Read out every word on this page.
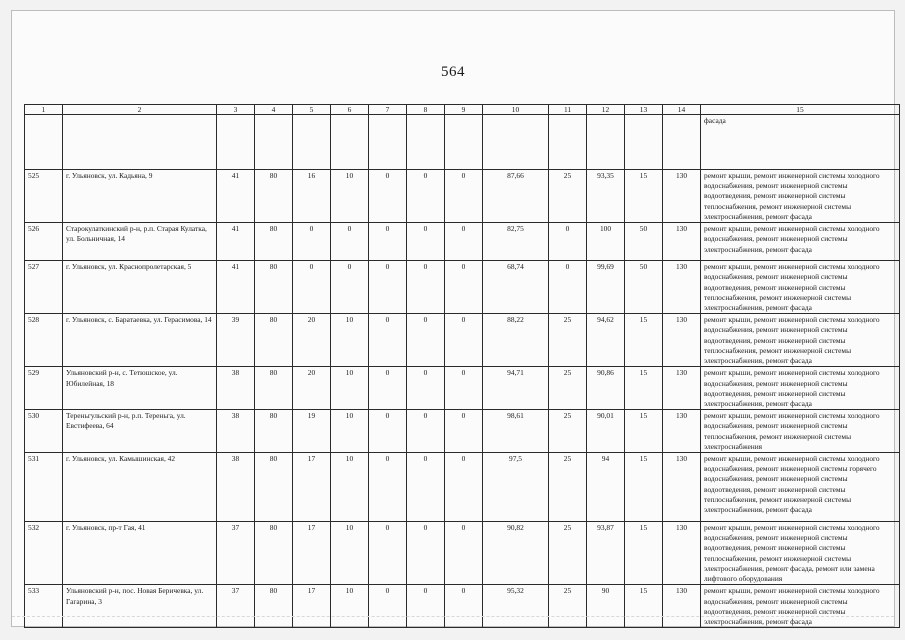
564
1	2	3	4	5	6	7	8	9	10	11	12	13	14	15
														фасада
525	г. Ульяновск, ул. Кадьяна, 9	41	80	16	10	0	0	0	87,66	25	93,35	15	130	ремонт крыши, ремонт инженерной системы холодного водоснабжения, ремонт инженерной системы водоотведения, ремонт инженерной системы теплоснабжения, ремонт инженерной системы электроснабжения, ремонт фасада
526	Старокулаткинский р-н, р.п. Старая Кулатка, ул. Больничная, 14	41	80	0	0	0	0	0	82,75	0	100	50	130	ремонт крыши, ремонт инженерной системы холодного водоснабжения, ремонт инженерной системы электроснабжения, ремонт фасада
527	г. Ульяновск, ул. Краснопролетарская, 5	41	80	0	0	0	0	0	68,74	0	99,69	50	130	ремонт крыши, ремонт инженерной системы холодного водоснабжения, ремонт инженерной системы водоотведения, ремонт инженерной системы теплоснабжения, ремонт инженерной системы электроснабжения, ремонт фасада
528	г. Ульяновск, с. Баратаевка, ул. Герасимова, 14	39	80	20	10	0	0	0	88,22	25	94,62	15	130	ремонт крыши, ремонт инженерной системы холодного водоснабжения, ремонт инженерной системы водоотведения, ремонт инженерной системы теплоснабжения, ремонт инженерной системы электроснабжения, ремонт фасада
529	Ульяновский р-н, с. Тетюшское, ул. Юбилейная, 18	38	80	20	10	0	0	0	94,71	25	90,86	15	130	ремонт крыши, ремонт инженерной системы холодного водоснабжения, ремонт инженерной системы водоотведения, ремонт инженерной системы электроснабжения, ремонт фасада
530	Тереньгульский р-н, р.п. Тереньга, ул. Евстифеева, 64	38	80	19	10	0	0	0	98,61	25	90,01	15	130	ремонт крыши, ремонт инженерной системы холодного водоснабжения, ремонт инженерной системы теплоснабжения, ремонт инженерной системы электроснабжения
531	г. Ульяновск, ул. Камышинская, 42	38	80	17	10	0	0	0	97,5	25	94	15	130	ремонт крыши, ремонт инженерной системы холодного водоснабжения, ремонт инженерной системы горячего водоснабжения, ремонт инженерной системы водоотведения, ремонт инженерной системы теплоснабжения, ремонт инженерной системы электроснабжения, ремонт фасада
532	г. Ульяновск, пр-т Гая, 41	37	80	17	10	0	0	0	90,82	25	93,87	15	130	ремонт крыши, ремонт инженерной системы холодного водоснабжения, ремонт инженерной системы водоотведения, ремонт инженерной системы теплоснабжения, ремонт инженерной системы электроснабжения, ремонт фасада, ремонт или замена лифтового оборудования
533	Ульяновский р-н, пос. Новая Беричевка, ул. Гагарина, 3	37	80	17	10	0	0	0	95,32	25	90	15	130	ремонт крыши, ремонт инженерной системы холодного водоснабжения, ремонт инженерной системы водоотведения, ремонт инженерной системы электроснабжения, ремонт фасада
